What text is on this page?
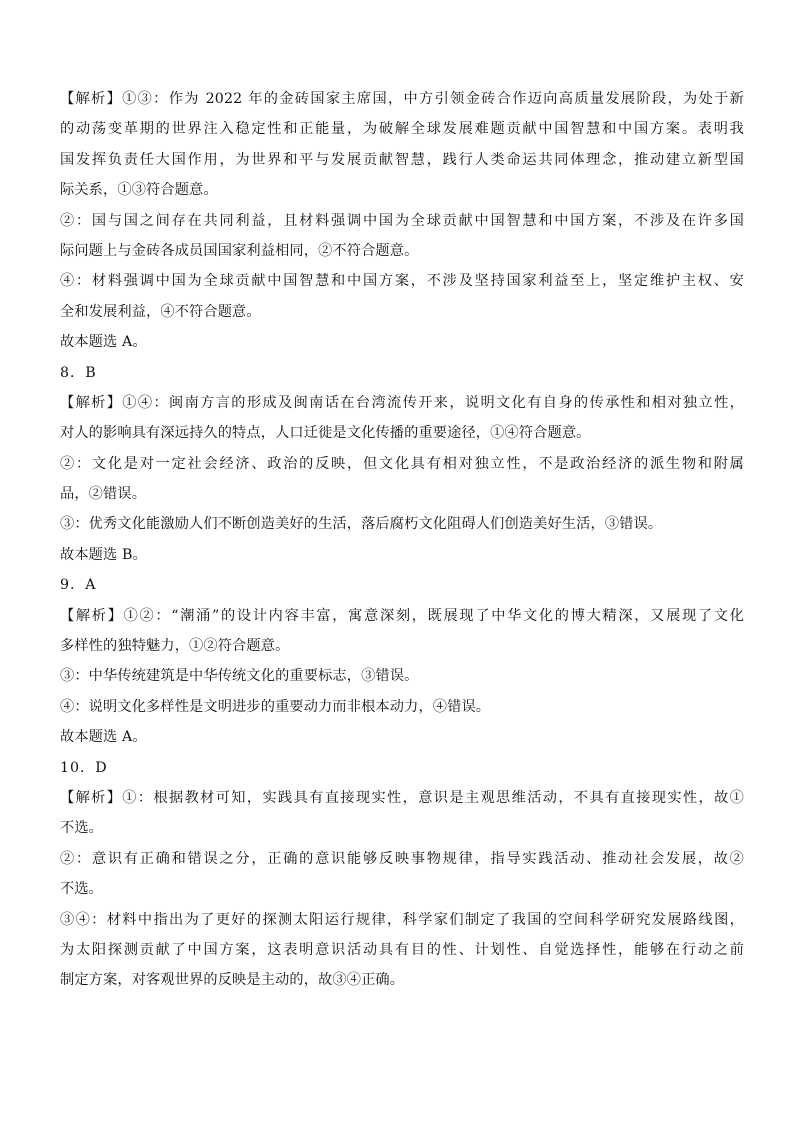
【解析】①③：作为 2022 年的金砖国家主席国，中方引领金砖合作迈向高质量发展阶段，为处于新
的动荡变革期的世界注入稳定性和正能量，为破解全球发展难题贡献中国智慧和中国方案。表明我
国发挥负责任大国作用，为世界和平与发展贡献智慧，践行人类命运共同体理念，推动建立新型国
际关系，①③符合题意。
②：国与国之间存在共同利益，且材料强调中国为全球贡献中国智慧和中国方案，不涉及在许多国
际问题上与金砖各成员国国家利益相同，②不符合题意。
④：材料强调中国为全球贡献中国智慧和中国方案，不涉及坚持国家利益至上，坚定维护主权、安
全和发展利益，④不符合题意。
故本题选 A。
8．B
【解析】①④：闽南方言的形成及闽南话在台湾流传开来，说明文化有自身的传承性和相对独立性，
对人的影响具有深远持久的特点，人口迁徙是文化传播的重要途径，①④符合题意。
②：文化是对一定社会经济、政治的反映，但文化具有相对独立性，不是政治经济的派生物和附属
品，②错误。
③：优秀文化能激励人们不断创造美好的生活，落后腐朽文化阻碍人们创造美好生活，③错误。
故本题选 B。
9．A
【解析】①②：“潮涌”的设计内容丰富，寓意深刻，既展现了中华文化的博大精深，又展现了文化
多样性的独特魅力，①②符合题意。
③：中华传统建筑是中华传统文化的重要标志，③错误。
④：说明文化多样性是文明进步的重要动力而非根本动力，④错误。
故本题选 A。
10．D
【解析】①：根据教材可知，实践具有直接现实性，意识是主观思维活动，不具有直接现实性，故①
不选。
②：意识有正确和错误之分，正确的意识能够反映事物规律，指导实践活动、推动社会发展，故②
不选。
③④：材料中指出为了更好的探测太阳运行规律，科学家们制定了我国的空间科学研究发展路线图，
为太阳探测贡献了中国方案，这表明意识活动具有目的性、计划性、自觉选择性，能够在行动之前
制定方案，对客观世界的反映是主动的，故③④正确。
